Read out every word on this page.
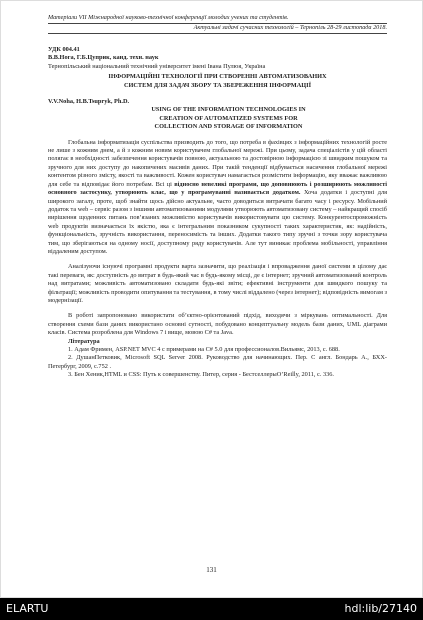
Матеріали VII Міжнародної науково-технічної конференції молодих учених та студентів.
Актуальні задачі сучасних технологій – Тернопіль 28-29 листопада 2018.
УДК 004.41
В.В.Нога, Г.Б.Цуприк, канд. техн. наук
Тернопільський національний технічний університет імені Івана Пулюя, Україна
ІНФОРМАЦІЙНІ ТЕХНОЛОГІЇ ПРИ СТВОРЕННІ АВТОМАТИЗОВАНИХ
СИСТЕМ ДЛЯ ЗАДАЧ ЗБОРУ ТА ЗБЕРЕЖЕННЯ ІНФОРМАЦІЇ
V.V.Noha, H.B.Tsupryk, Ph.D.
USING OF THE INFORMATION TECHNOLOGIES IN
CREATION OF AUTOMATIZED SYSTEMS FOR
COLLECTION AND STORAGE OF INFORMATION

Глобальна інформатизація суспільства призводить до того, що потреба в фахівцях з інформаційних технологій росте не лише з кожним днем, а й з кожним новим користувачем глобальної мережі. При цьому, задача спеціалістів у цій області полягає в необхідності забезпечення користувачів повною, актуальною та достовірною інформацією зі швидким пошуком та зручного для них доступу до накопичених масивів даних. При такій тенденції відбувається насичення глобальної мережі контентом різного змісту, якості та важливості. Кожен користувач намагається розмістити інформацію, яку вважає важливою для себе та відповідає його потребам. Всі ці відносно невеликі програми, що доповнюють і розширюють можливості основного застосунку, утворюють клас, що у програмуванні називається додатком. Хоча додатки і доступні для широкого загалу, проте, щоб знайти щось дійсно актуальне, часто доводиться витрачати багато часу і ресурсу. Мобільний додаток та web – сервіс разом з іншими автоматизованими модулями утворюють автоматизовану систему – найкращий спосіб вирішення щоденних питань пов’язаних можливістю користувачів використовувати цю систему. Конкурентоспроможність web продуктів визначається їх якістю, яка є інтегральним показником сукупності таких характеристик, як: надійність, функціональність, зручність використання, переносимість та інших. Додатки такого типу зручні з точки зору користувача тим, що зберігаються на одному носії, доступному ряду користувачів. Але тут виникає проблема мобільності, управління віддаленим доступом.

Аналізуючи існуючі програмні продукти варта зазначити, що реалізація і впровадження даної системи в цілому дає такі переваги, як: доступність до витрат в будь-який час в будь-якому місці, де є інтернет; зручний автоматизований контроль над витратами; можливість автоматизовано складати будь-які звіти; ефективні інструменти для швидкого пошуку та фільтрації; можливість проводити опитування та тестування, в тому числі віддалено (через інтернет); відповідність вимогам з модернізації.

В роботі запропоновано використати об’єктно-орієнтований підхід, виходячи з міркувань оптимальності. Для створення схеми бази даних використано основні сутності, побудовано концептуальну модель бази даних, UML діаграми класів. Система розроблена для Windows 7 і вище, мовою C# та Java.

Література

1. Адам Фримен, ASP.NET MVC 4 с примерами на C# 5.0 для профессионалов.Вильямс, 2013, с. 688.

2. ДушанПетковик, Microsoft SQL Server 2008. Руководство для начинающих. Пер. С англ. Бондарь А., БХХ-Петербург, 2009, с.752 .

3. Бен Хеник,HTML и CSS: Путь к совершенству. Питер, серия - БестселлерыO’Reilly, 2011, с. 336.

131
ELARTU	hdl:lib/27140
